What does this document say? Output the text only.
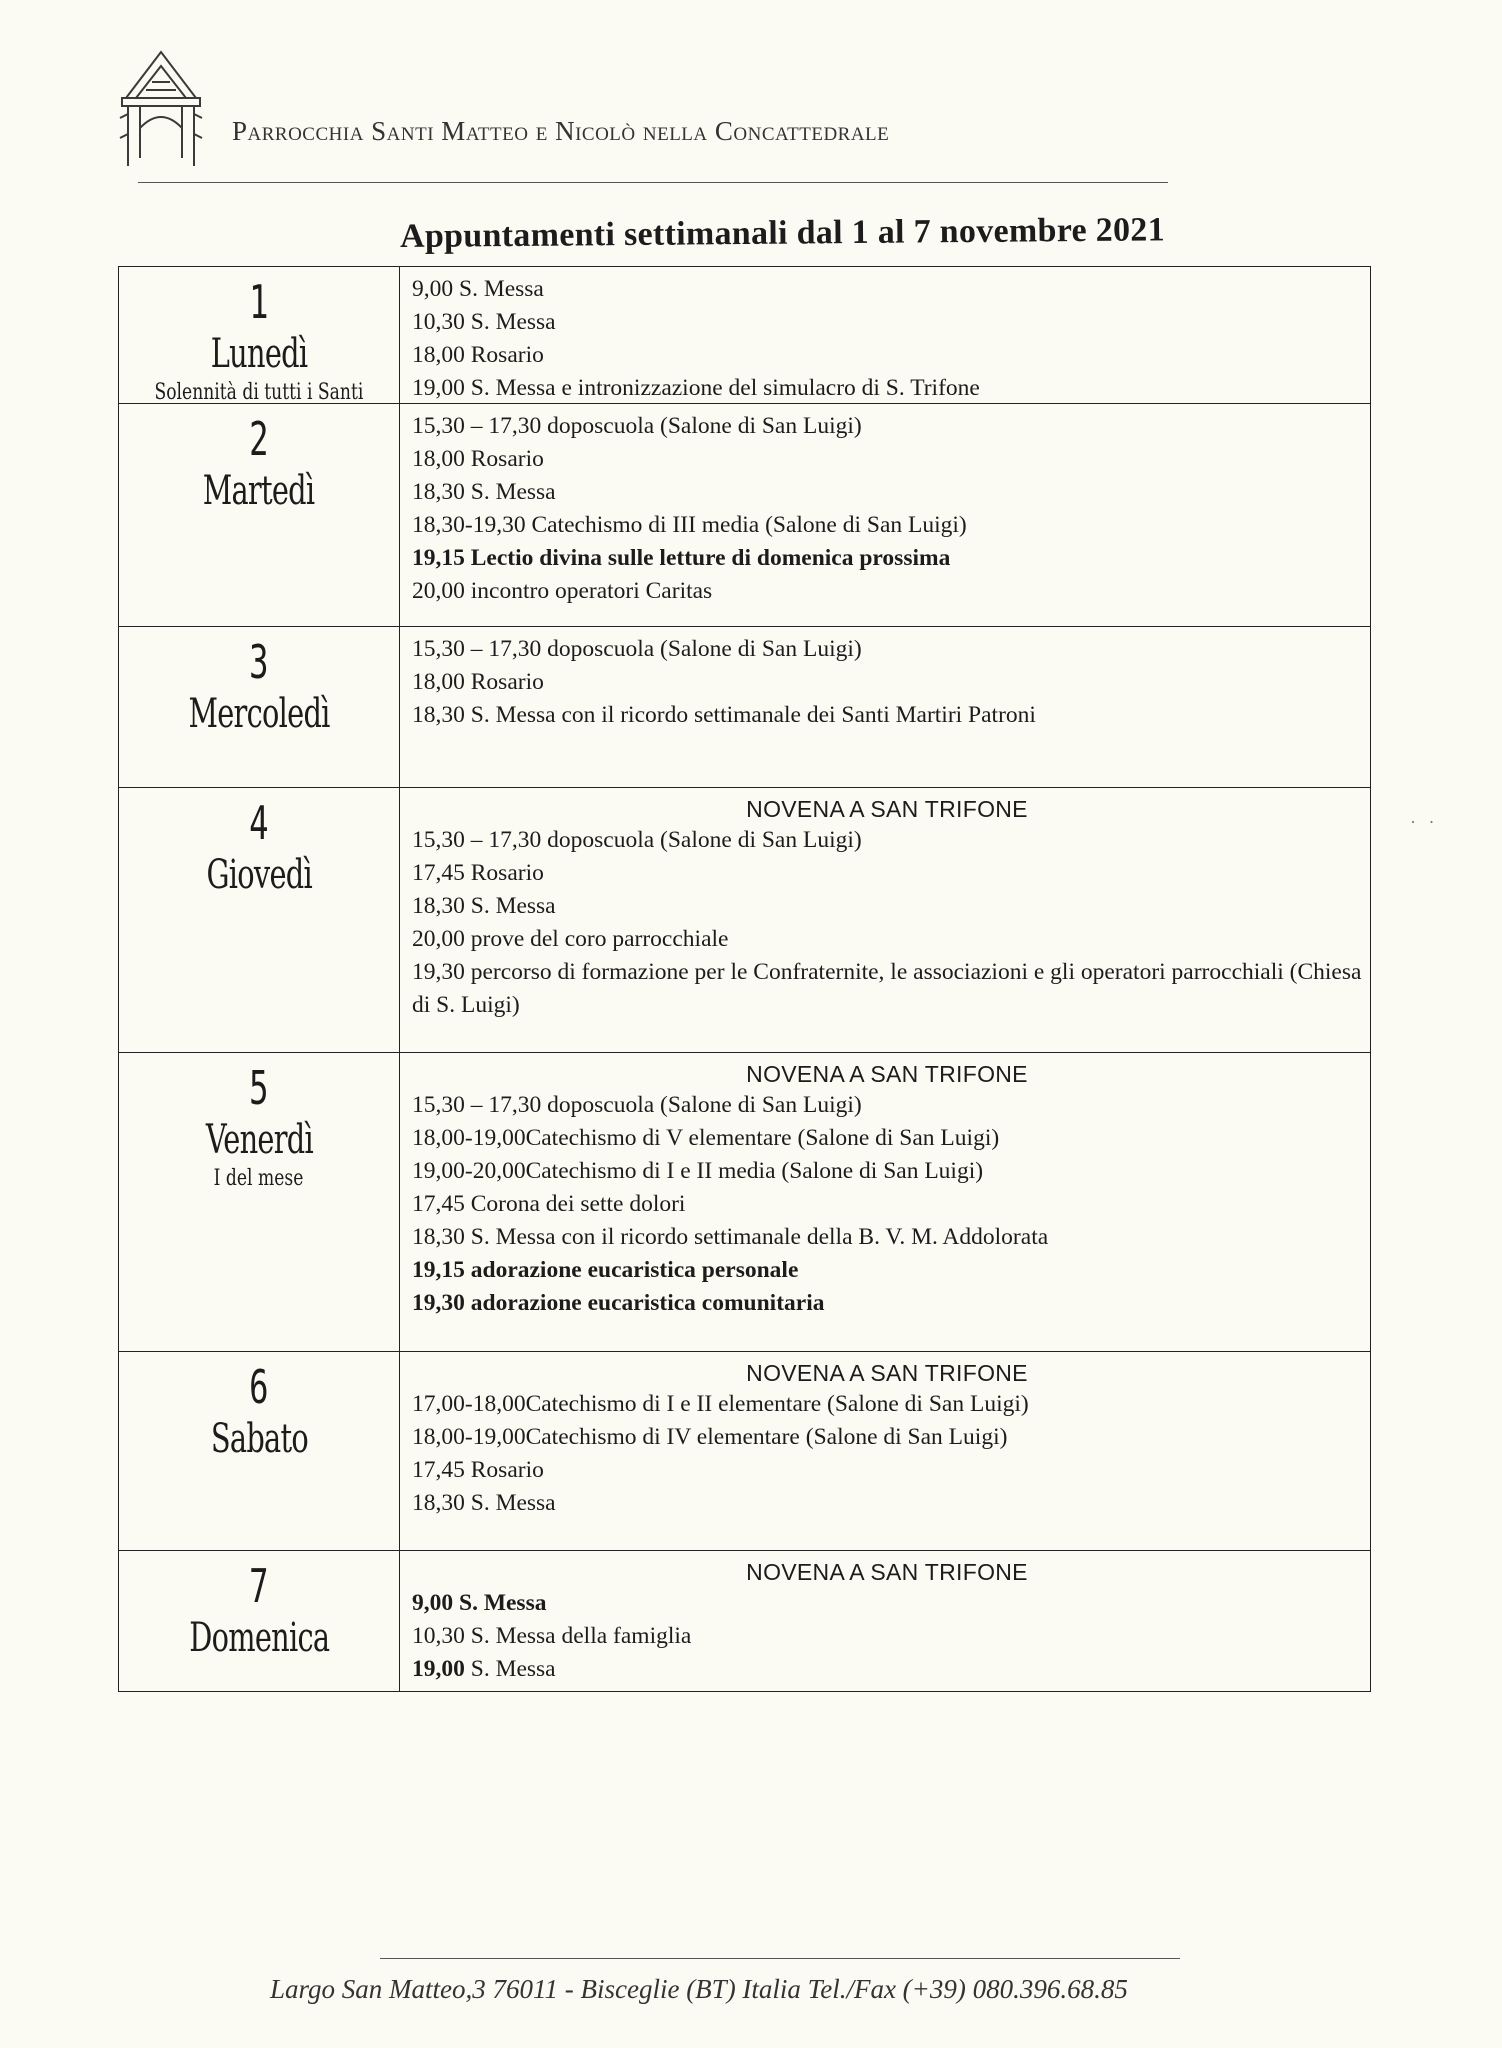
Parrocchia Santi Matteo e Nicolò nella Concattedrale
Appuntamenti settimanali dal 1 al 7 novembre 2021
1
Lunedì
Solennità di tutti i Santi
9,00 S. Messa
10,30 S. Messa
18,00 Rosario
19,00 S. Messa e intronizzazione del simulacro di S. Trifone
2
Martedì
15,30 – 17,30 doposcuola (Salone di San Luigi)
18,00 Rosario
18,30 S. Messa
18,30-19,30 Catechismo di III media (Salone di San Luigi)
19,15 Lectio divina sulle letture di domenica prossima
20,00 incontro operatori Caritas
3
Mercoledì
15,30 – 17,30 doposcuola (Salone di San Luigi)
18,00 Rosario
18,30 S. Messa con il ricordo settimanale dei Santi Martiri Patroni
4
Giovedì
NOVENA A SAN TRIFONE
15,30 – 17,30 doposcuola (Salone di San Luigi)
17,45 Rosario
18,30 S. Messa
20,00 prove del coro parrocchiale
19,30 percorso di formazione per le Confraternite, le associazioni e gli operatori parrocchiali (Chiesa di S. Luigi)
5
Venerdì
I del mese
NOVENA A SAN TRIFONE
15,30 – 17,30 doposcuola (Salone di San Luigi)
18,00-19,00Catechismo di V elementare (Salone di San Luigi)
19,00-20,00Catechismo di I e II media (Salone di San Luigi)
17,45 Corona dei sette dolori
18,30 S. Messa con il ricordo settimanale della B. V. M. Addolorata
19,15 adorazione eucaristica personale
19,30 adorazione eucaristica comunitaria
6
Sabato
NOVENA A SAN TRIFONE
17,00-18,00Catechismo di I e II elementare (Salone di San Luigi)
18,00-19,00Catechismo di IV elementare (Salone di San Luigi)
17,45 Rosario
18,30 S. Messa
7
Domenica
NOVENA A SAN TRIFONE
9,00 S. Messa
10,30 S. Messa della famiglia
19,00 S. Messa
· ·
Largo San Matteo,3 76011 - Bisceglie (BT) Italia Tel./Fax (+39) 080.396.68.85
